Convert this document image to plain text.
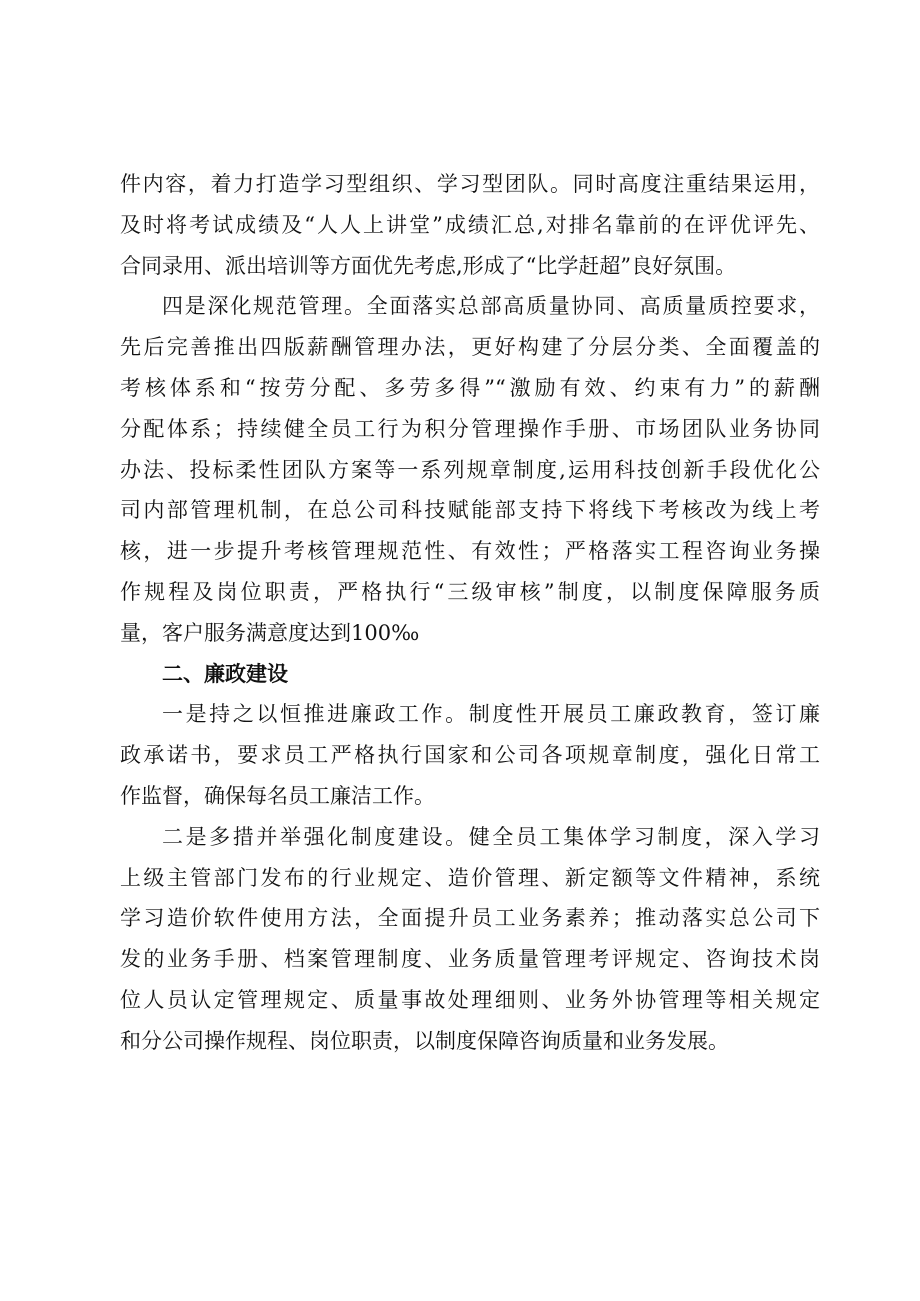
件内容，着力打造学习型组织、学习型团队。同时高度注重结果运用，
及时将考试成绩及“人人上讲堂”成绩汇总,对排名靠前的在评优评先、
合同录用、派出培训等方面优先考虑,形成了“比学赶超”良好氛围。
四是深化规范管理。全面落实总部高质量协同、高质量质控要求，
先后完善推出四版薪酬管理办法，更好构建了分层分类、全面覆盖的
考核体系和“按劳分配、多劳多得”“激励有效、约束有力”的薪酬
分配体系；持续健全员工行为积分管理操作手册、市场团队业务协同
办法、投标柔性团队方案等一系列规章制度,运用科技创新手段优化公
司内部管理机制，在总公司科技赋能部支持下将线下考核改为线上考
核，进一步提升考核管理规范性、有效性；严格落实工程咨询业务操
作规程及岗位职责，严格执行“三级审核”制度，以制度保障服务质
量，客户服务满意度达到100‰
二、廉政建设
一是持之以恒推进廉政工作。制度性开展员工廉政教育，签订廉
政承诺书，要求员工严格执行国家和公司各项规章制度，强化日常工
作监督，确保每名员工廉洁工作。
二是多措并举强化制度建设。健全员工集体学习制度，深入学习
上级主管部门发布的行业规定、造价管理、新定额等文件精神，系统
学习造价软件使用方法，全面提升员工业务素养；推动落实总公司下
发的业务手册、档案管理制度、业务质量管理考评规定、咨询技术岗
位人员认定管理规定、质量事故处理细则、业务外协管理等相关规定
和分公司操作规程、岗位职责，以制度保障咨询质量和业务发展。
